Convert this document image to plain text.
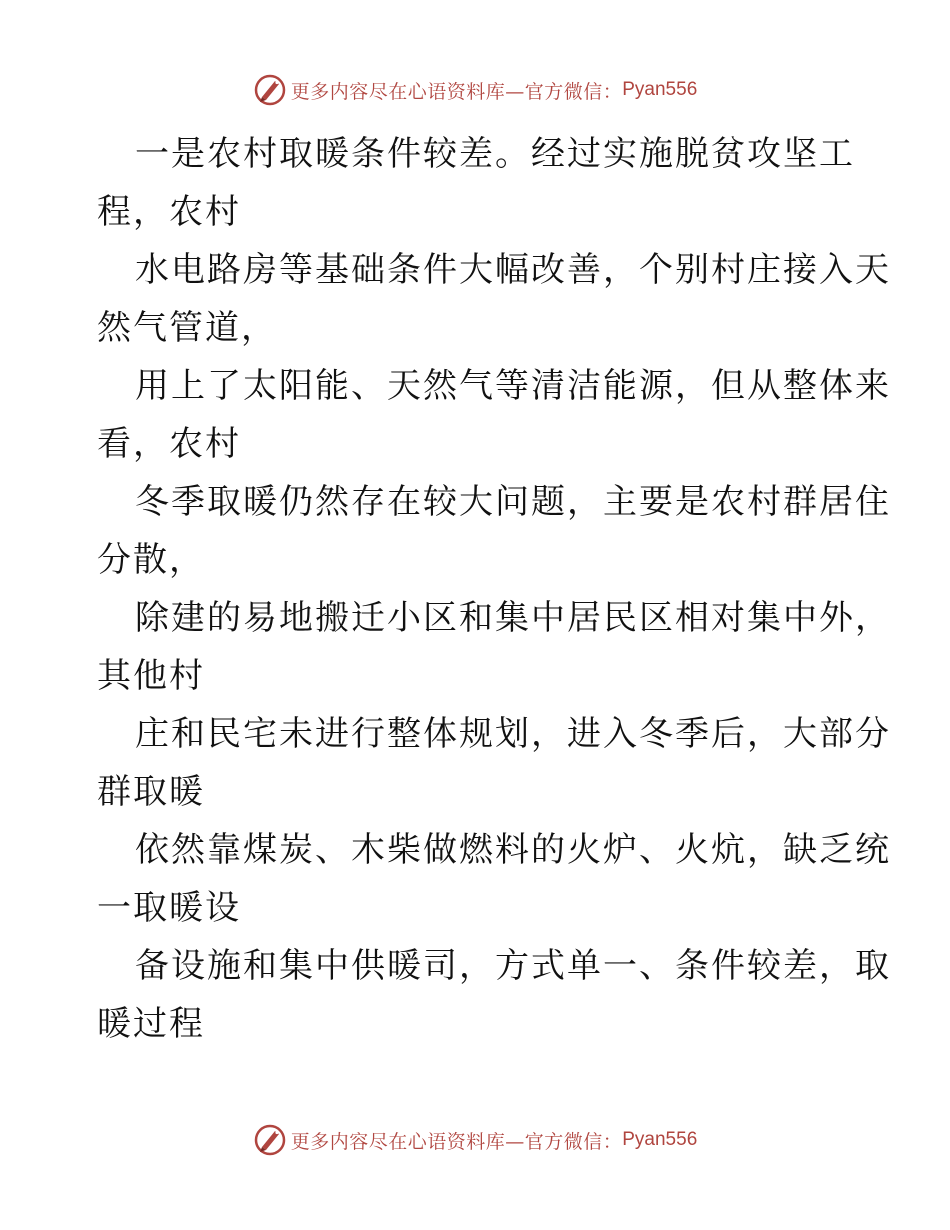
更多内容尽在心语资料库—官方微信： Pyan556

一是农村取暖条件较差。经过实施脱贫攻坚工
程，农村

水电路房等基础条件大幅改善，个别村庄接入天
然气管道，

用上了太阳能、天然气等清洁能源，但从整体来
看，农村

冬季取暖仍然存在较大问题，主要是农村群居住
分散，

除建的易地搬迁小区和集中居民区相对集中外，
其他村

庄和民宅未进行整体规划，进入冬季后，大部分
群取暖

依然靠煤炭、木柴做燃料的火炉、火炕，缺乏统
一取暖设

备设施和集中供暖司，方式单一、条件较差，取
暖过程

更多内容尽在心语资料库—官方微信： Pyan556
